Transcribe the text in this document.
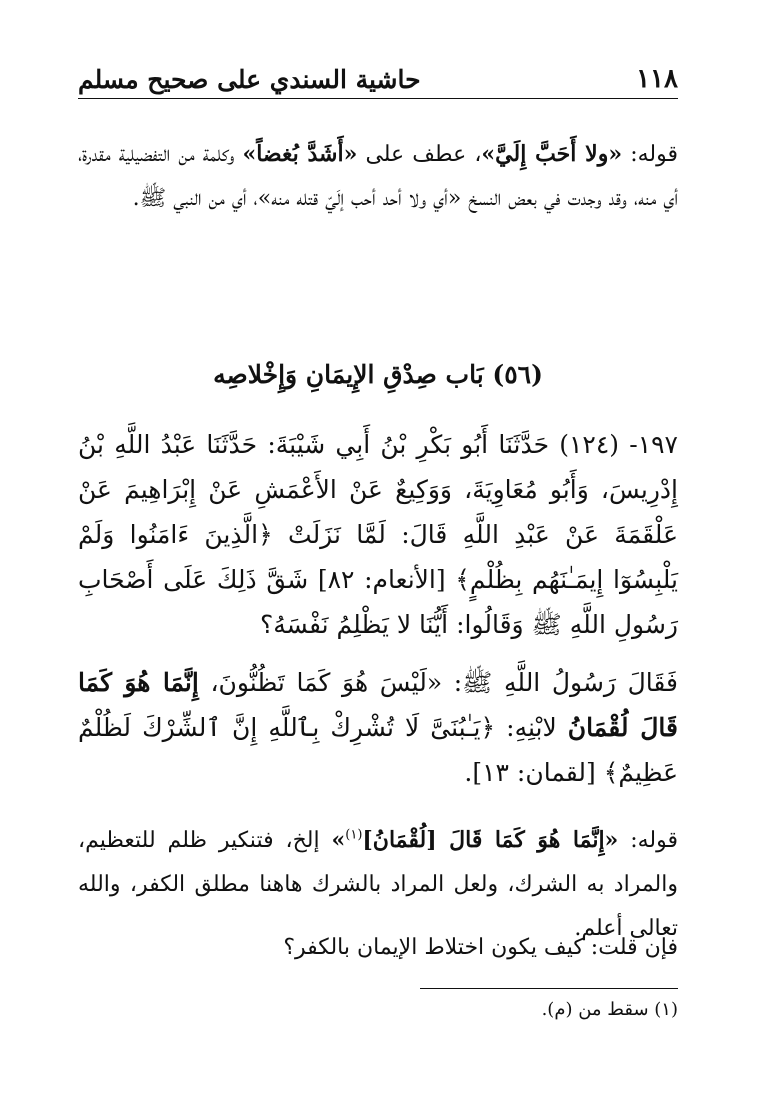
١١٨
حاشية السندي على صحيح مسلم
قوله: «ولا أَحَبَّ إِلَيَّ»، عطف على «أَشَدَّ بُغضاً» وكلمة من التفضيلية مقدرة، أي منه، وقد وجدت في بعض النسخ «أي ولا أحد أحب إلَيّ قتله منه»، أي من النبي ﷺ.
(٥٦) بَاب صِدْقِ الإِيمَانِ وَإِخْلاصِه
١٩٧- (١٢٤) حَدَّثَنَا أَبُو بَكْرِ بْنُ أَبِي شَيْبَةَ: حَدَّثَنَا عَبْدُ اللَّهِ بْنُ إِدْرِيسَ، وَأَبُو مُعَاوِيَةَ، وَوَكِيعٌ عَنْ الأَعْمَشِ عَنْ إِبْرَاهِيمَ عَنْ عَلْقَمَةَ عَنْ عَبْدِ اللَّهِ قَالَ: لَمَّا نَزَلَتْ ﴿الَّذِينَ ءَامَنُوا وَلَمْ يَلْبِسُوٓا إِيمَـٰنَهُم بِظُلْمٍ﴾ [الأنعام: ٨٢] شَقَّ ذَلِكَ عَلَى أَصْحَابِ رَسُولِ اللَّهِ ﷺ وَقَالُوا: أَيُّنَا لا يَظْلِمُ نَفْسَهُ؟
فَقَالَ رَسُولُ اللَّهِ ﷺ: «لَيْسَ هُوَ كَمَا تَظُنُّونَ، إِنَّمَا هُوَ كَمَا قَالَ لُقْمَانُ لابْنِهِ: ﴿يَـٰبُنَىَّ لَا تُشْرِكْ بِٱللَّهِ إِنَّ ٱلشِّرْكَ لَظُلْمٌ عَظِيمٌ﴾ [لقمان: ١٣].
قوله: «إِنَّمَا هُوَ كَمَا قَالَ [لُقْمَانُ]$^{(١)}$» إلخ، فتنكير ظلم للتعظيم، والمراد به الشرك، ولعل المراد بالشرك هاهنا مطلق الكفر، والله تعالى أعلم.
فإن قلت: كيف يكون اختلاط الإيمان بالكفر؟
(١) سقط من (م).
